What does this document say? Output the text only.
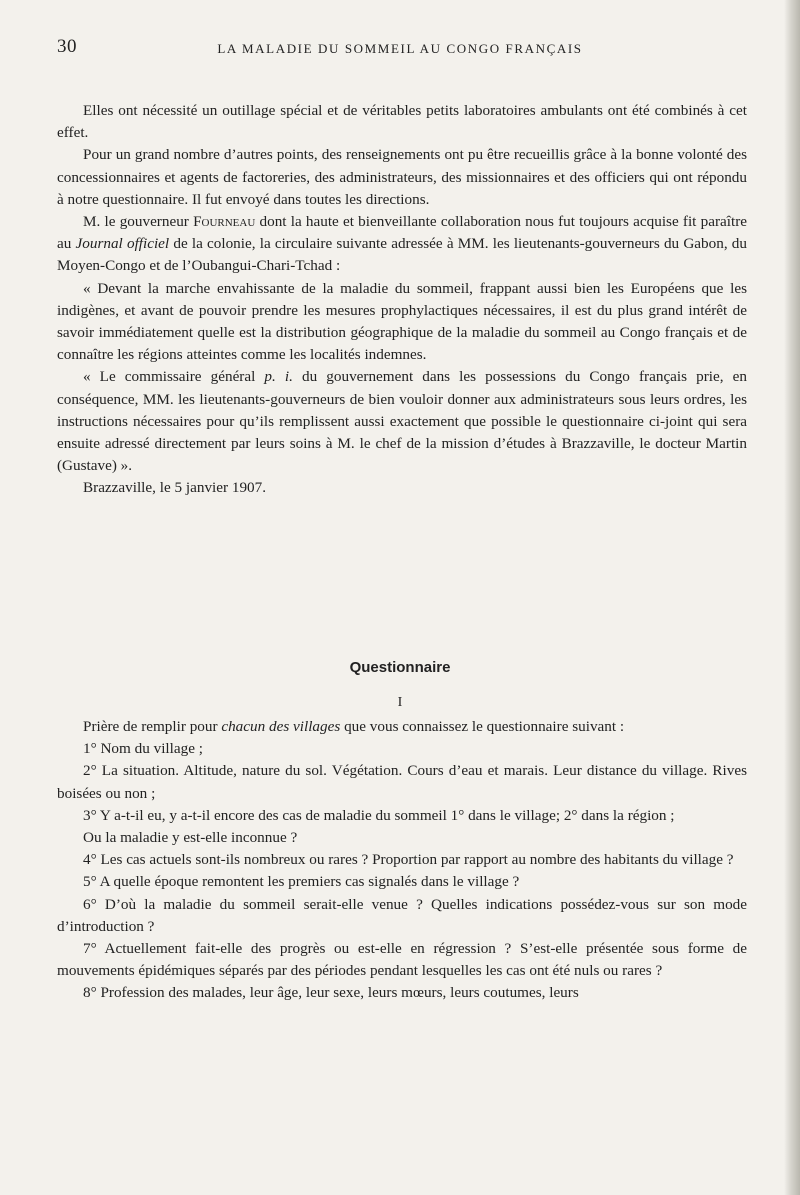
30	LA MALADIE DU SOMMEIL AU CONGO FRANÇAIS

Elles ont nécessité un outillage spécial et de véritables petits laboratoires ambulants ont été combinés à cet effet.

Pour un grand nombre d’autres points, des renseignements ont pu être recueillis grâce à la bonne volonté des concessionnaires et agents de factoreries, des administrateurs, des missionnaires et des officiers qui ont répondu à notre questionnaire. Il fut envoyé dans toutes les directions.

M. le gouverneur Fourneau dont la haute et bienveillante collaboration nous fut toujours acquise fit paraître au Journal officiel de la colonie, la circulaire suivante adressée à MM. les lieutenants-gouverneurs du Gabon, du Moyen-Congo et de l’Oubangui-Chari-Tchad :

« Devant la marche envahissante de la maladie du sommeil, frappant aussi bien les Européens que les indigènes, et avant de pouvoir prendre les mesures prophylactiques nécessaires, il est du plus grand intérêt de savoir immédiatement quelle est la distribution géographique de la maladie du sommeil au Congo français et de connaître les régions atteintes comme les localités indemnes.

« Le commissaire général p. i. du gouvernement dans les possessions du Congo français prie, en conséquence, MM. les lieutenants-gouverneurs de bien vouloir donner aux administrateurs sous leurs ordres, les instructions nécessaires pour qu’ils remplissent aussi exactement que possible le questionnaire ci-joint qui sera ensuite adressé directement par leurs soins à M. le chef de la mission d’études à Brazzaville, le docteur Martin (Gustave) ».

Brazzaville, le 5 janvier 1907.

Questionnaire
I

Prière de remplir pour chacun des villages que vous connaissez le questionnaire suivant :

1° Nom du village ;

2° La situation. Altitude, nature du sol. Végétation. Cours d’eau et marais. Leur distance du village. Rives boisées ou non ;

3° Y a-t-il eu, y a-t-il encore des cas de maladie du sommeil 1° dans le village; 2° dans la région ;

Ou la maladie y est-elle inconnue ?

4° Les cas actuels sont-ils nombreux ou rares ? Proportion par rapport au nombre des habitants du village ?

5° A quelle époque remontent les premiers cas signalés dans le village ?

6° D’où la maladie du sommeil serait-elle venue ? Quelles indications possédez-vous sur son mode d’introduction ?

7° Actuellement fait-elle des progrès ou est-elle en régression ? S’est-elle présentée sous forme de mouvements épidémiques séparés par des périodes pendant lesquelles les cas ont été nuls ou rares ?

8° Profession des malades, leur âge, leur sexe, leurs mœurs, leurs coutumes, leurs
